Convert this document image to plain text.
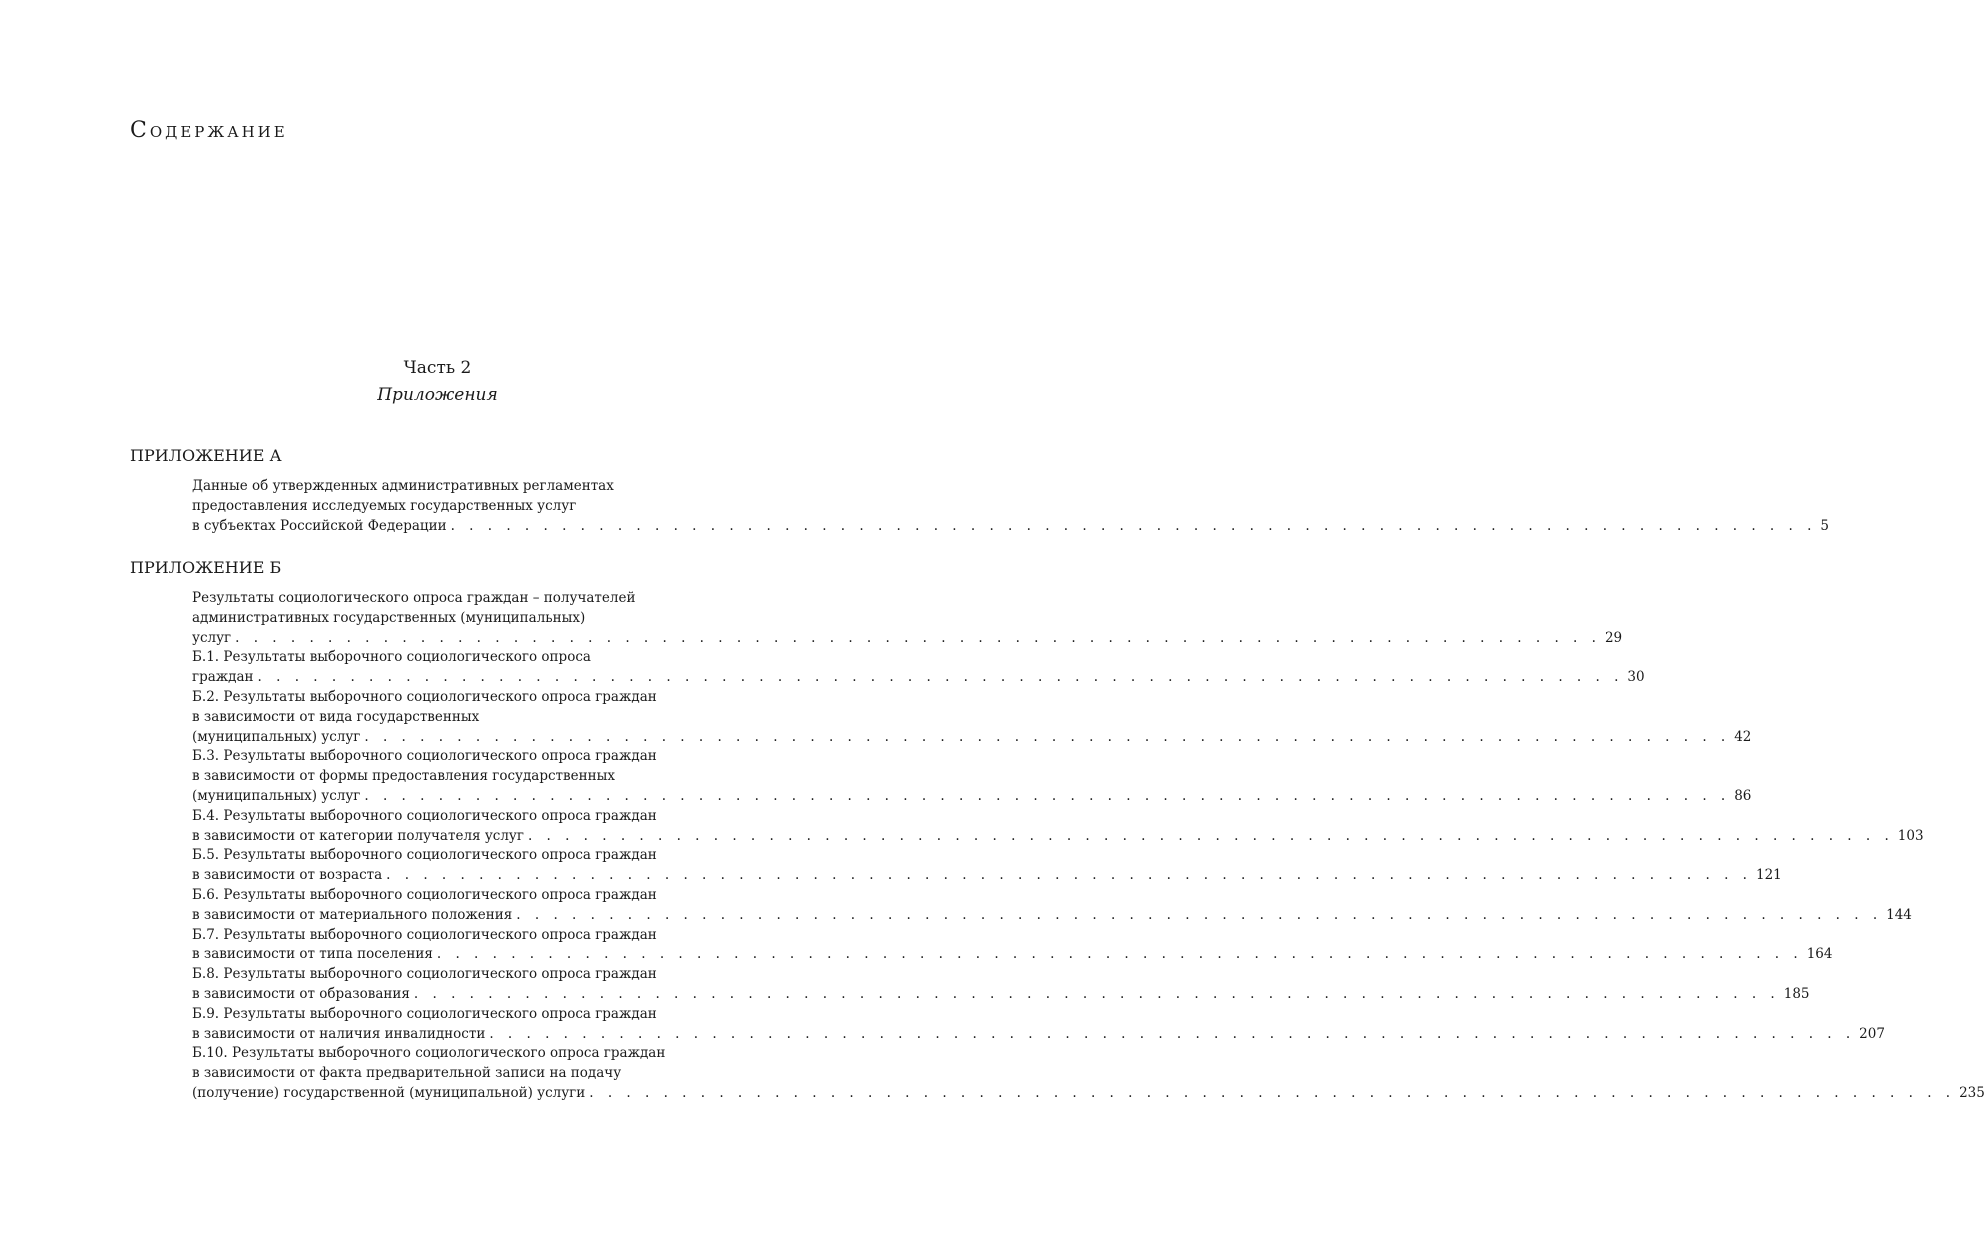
Содержание
Часть 2
Приложения
ПРИЛОЖЕНИЕ А
Данные об утвержденных административных регламентах
предоставления исследуемых государственных услуг
в субъектах Российской Федерации . . . . . . . . . . . . . . . . . . . . . . . . . . . . . . . . . . . . . . . . . . . . . . . . . . . . . . . . . . . . . . . . . . . . . . . . . . 5
ПРИЛОЖЕНИЕ Б
Результаты социологического опроса граждан – получателей
административных государственных (муниципальных)
услуг . . . . . . . . . . . . . . . . . . . . . . . . . . . . . . . . . . . . . . . . . . . . . . . . . . . . . . . . . . . . . . . . . . . . . . . . . . 29
Б.1. Результаты выборочного социологического опроса
граждан . . . . . . . . . . . . . . . . . . . . . . . . . . . . . . . . . . . . . . . . . . . . . . . . . . . . . . . . . . . . . . . . . . . . . . . . . . 30
Б.2. Результаты выборочного социологического опроса граждан
в зависимости от вида государственных
(муниципальных) услуг . . . . . . . . . . . . . . . . . . . . . . . . . . . . . . . . . . . . . . . . . . . . . . . . . . . . . . . . . . . . . . . . . . . . . . . . . . 42
Б.3. Результаты выборочного социологического опроса граждан
в зависимости от формы предоставления государственных
(муниципальных) услуг . . . . . . . . . . . . . . . . . . . . . . . . . . . . . . . . . . . . . . . . . . . . . . . . . . . . . . . . . . . . . . . . . . . . . . . . . . 86
Б.4. Результаты выборочного социологического опроса граждан
в зависимости от категории получателя услуг . . . . . . . . . . . . . . . . . . . . . . . . . . . . . . . . . . . . . . . . . . . . . . . . . . . . . . . . . . . . . . . . . . . . . . . . . . 103
Б.5. Результаты выборочного социологического опроса граждан
в зависимости от возраста . . . . . . . . . . . . . . . . . . . . . . . . . . . . . . . . . . . . . . . . . . . . . . . . . . . . . . . . . . . . . . . . . . . . . . . . . . 121
Б.6. Результаты выборочного социологического опроса граждан
в зависимости от материального положения . . . . . . . . . . . . . . . . . . . . . . . . . . . . . . . . . . . . . . . . . . . . . . . . . . . . . . . . . . . . . . . . . . . . . . . . . . 144
Б.7. Результаты выборочного социологического опроса граждан
в зависимости от типа поселения . . . . . . . . . . . . . . . . . . . . . . . . . . . . . . . . . . . . . . . . . . . . . . . . . . . . . . . . . . . . . . . . . . . . . . . . . . 164
Б.8. Результаты выборочного социологического опроса граждан
в зависимости от образования . . . . . . . . . . . . . . . . . . . . . . . . . . . . . . . . . . . . . . . . . . . . . . . . . . . . . . . . . . . . . . . . . . . . . . . . . . 185
Б.9. Результаты выборочного социологического опроса граждан
в зависимости от наличия инвалидности . . . . . . . . . . . . . . . . . . . . . . . . . . . . . . . . . . . . . . . . . . . . . . . . . . . . . . . . . . . . . . . . . . . . . . . . . . 207
Б.10. Результаты выборочного социологического опроса граждан
в зависимости от факта предварительной записи на подачу
(получение) государственной (муниципальной) услуги . . . . . . . . . . . . . . . . . . . . . . . . . . . . . . . . . . . . . . . . . . . . . . . . . . . . . . . . . . . . . . . . . . . . . . . . . . 235
